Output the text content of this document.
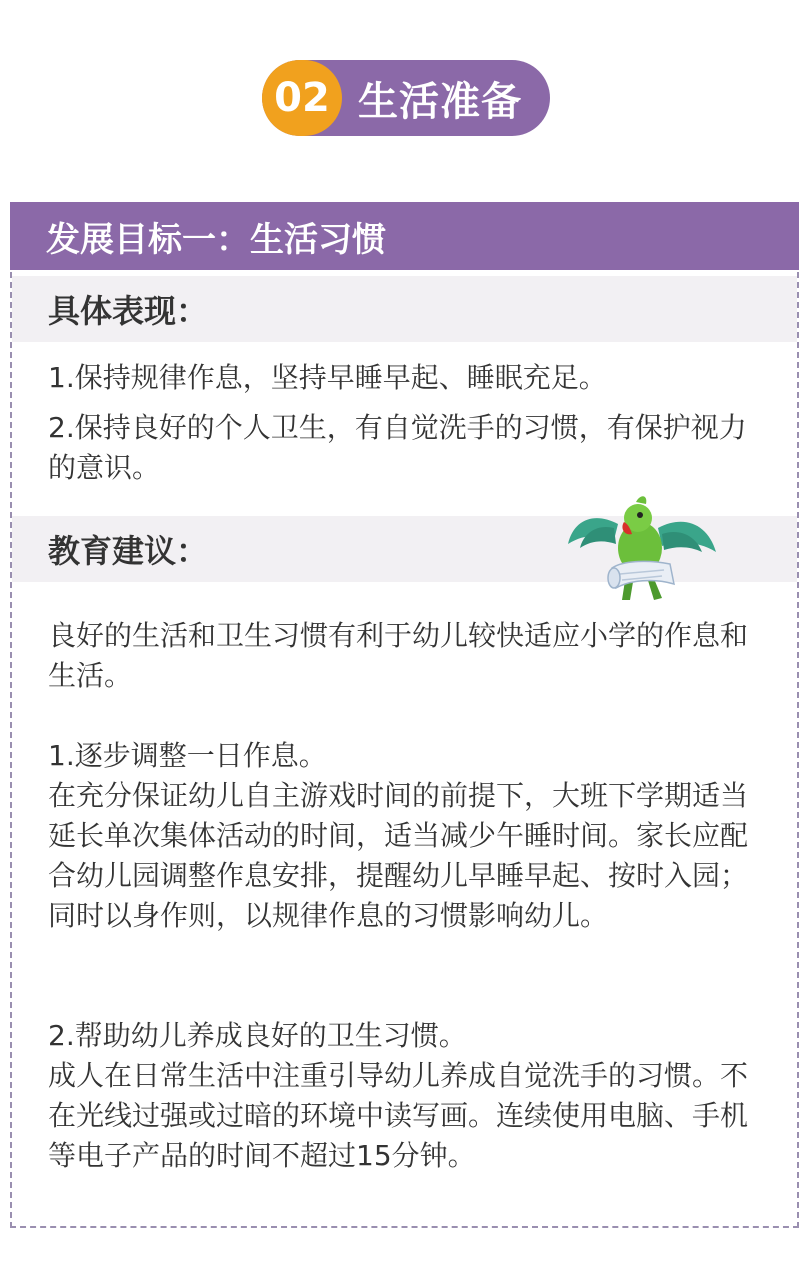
02 生活准备
发展目标一：生活习惯
具体表现：

1.保持规律作息，坚持早睡早起、睡眠充足。

2.保持良好的个人卫生，有自觉洗手的习惯，有保护视力的意识。

教育建议：

良好的生活和卫生习惯有利于幼儿较快适应小学的作息和生活。

1.逐步调整一日作息。

在充分保证幼儿自主游戏时间的前提下，大班下学期适当延长单次集体活动的时间，适当减少午睡时间。家长应配合幼儿园调整作息安排，提醒幼儿早睡早起、按时入园；同时以身作则，以规律作息的习惯影响幼儿。

2.帮助幼儿养成良好的卫生习惯。

成人在日常生活中注重引导幼儿养成自觉洗手的习惯。不在光线过强或过暗的环境中读写画。连续使用电脑、手机等电子产品的时间不超过15分钟。
